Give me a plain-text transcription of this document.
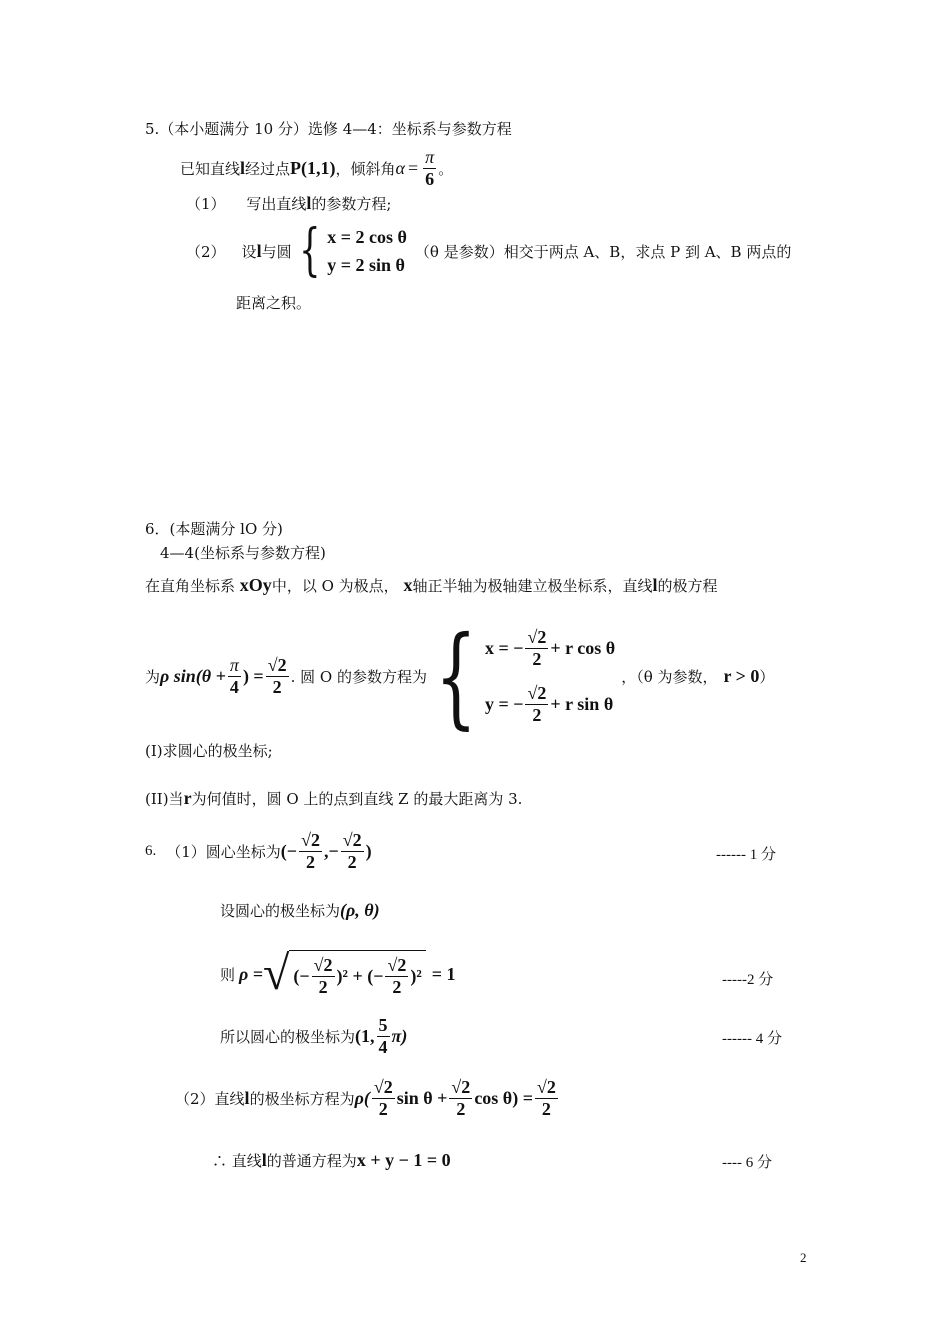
5.（本小题满分 10 分）选修 4—4：坐标系与参数方程
已知直线 l 经过点 P(1,1) ，倾斜角 $\alpha = \frac{\pi}{6}$ 。
（1） 写出直线l的参数方程;
（2） 设 l 与圆 { x = 2 cos θ
y = 2 sin θ
（θ 是参数）相交于两点 A、B，求点 P 到 A、B 两点的
距离之积。
6．(本题满分 lO 分)
4—4(坐标系与参数方程)
在直角坐标系 xOy中，以 O 为极点， x轴正半轴为极轴建立极坐标系，直线l的极方程
为 ρ $\sin(\theta + \frac{\pi}{4}$ ) = $\frac{√2}{2}$ . 圆 O 的参数方程为 { x = − $\frac{√2}{2} + r$ cos θ
y = − $\frac{√2}{2} + r$ sin θ
，（θ 为参数， r > 0 ）
(I)求圆心的极坐标;
(II)当r为何值时，圆 O 上的点到直线 Z 的最大距离为 3.
6. （1）圆心坐标为 (− $\frac{√2}{2}$ ,− $\frac{√2}{2}$ )	------ 1 分
设圆心的极坐标为(ρ, θ)
则 ρ = √ (− $\frac{√2}{2} )^2$ + (− $\frac{√2}{2} )^2 = 1$	-----2 分
所以圆心的极坐标为 (1, $\frac{5}{4} \pi$)	------ 4 分
（2）直线 l 的极坐标方程为 $\rho( \frac{√2}{2}$ $\sin \theta + \frac{√2}{2}$ $\cos \theta) = \frac{√2}{2}$
∴ 直线l的普通方程为x + y − 1 = 0	---- 6 分
2
